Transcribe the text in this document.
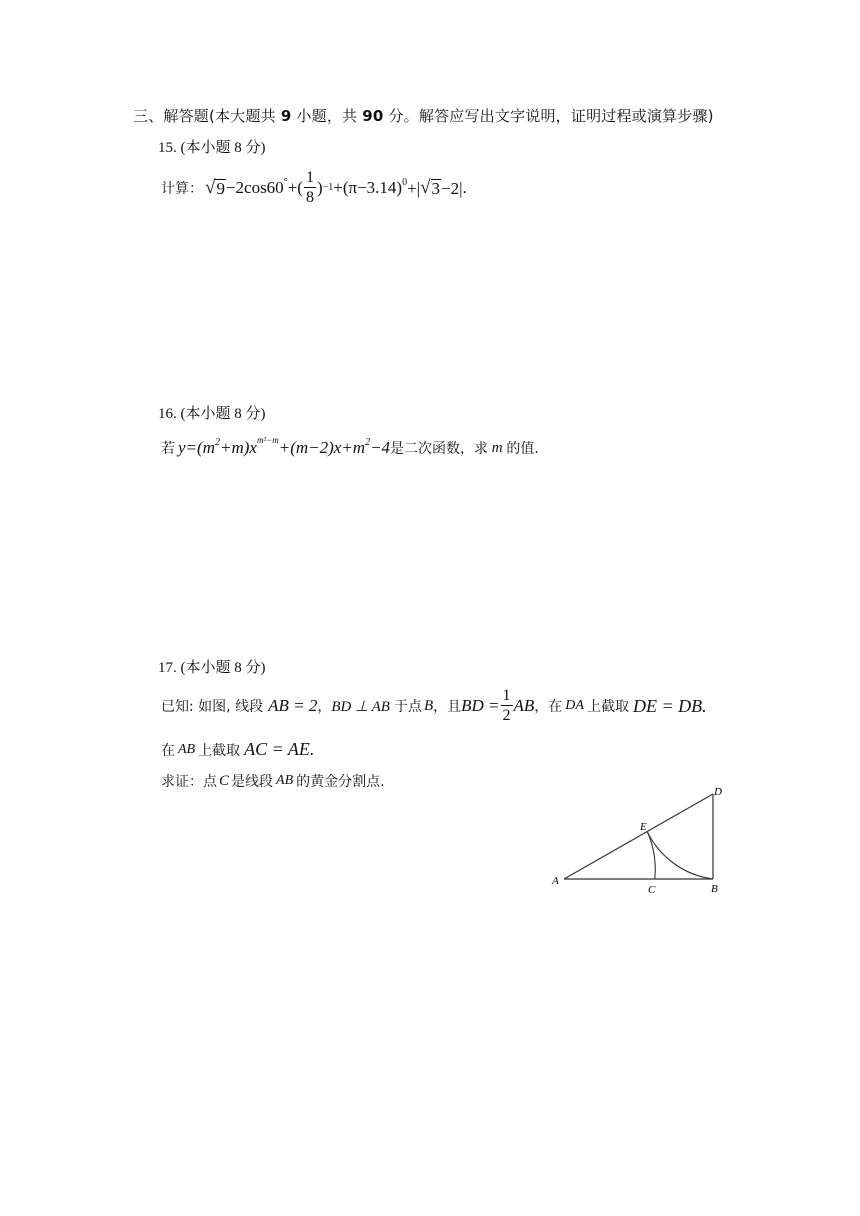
三、解答题(本大题共 9 小题，共 90 分。解答应写出文字说明，证明过程或演算步骤)
15. (本小题 8 分)
计算： √ 9 −2cos60° +( $\frac{1}{8}$ ) $-1 +(\pi-3.14)^0$ +| √ 3 −2| .
16. (本小题 8 分)
若 $y=(m^2+m)x^{m^2-m}+(m-2)x+m^2-4$ 是二次函数，求 m 的值.
17. (本小题 8 分)
已知: 如图, 线段 AB = 2 ， BD ⊥ AB 于点 B ，且 BD = $\frac{1}{2}$ AB ，在 DA 上截取 DE = DB.
在 AB 上截取 AC = AE.
求证：点 C 是线段 AB 的黄金分割点.
A
B
C
D
E
